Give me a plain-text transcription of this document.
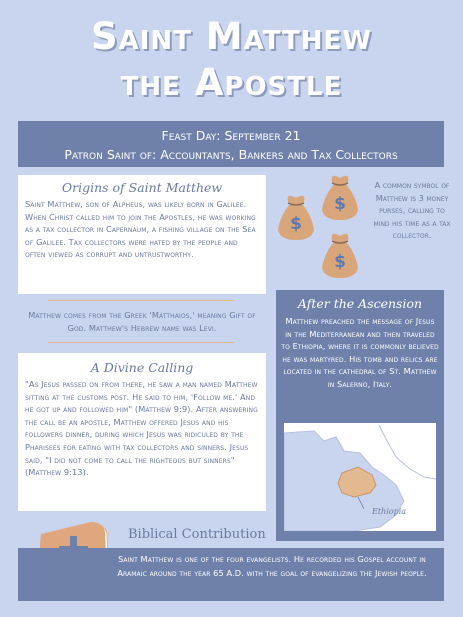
Saint Matthew
the Apostle
Feast Day: September 21
Patron Saint of: Accountants, Bankers and Tax Collectors
Origins of Saint Matthew
Saint Matthew, son of Alpheus, was likely born in Galilee. When Christ called him to join the Apostles, he was working as a tax collector in Capernaum, a fishing village on the Sea of Galilee. Tax collectors were hated by the people and often viewed as corrupt and untrustworthy.
Matthew comes from the Greek 'Matthaios,' meaning Gift of God. Matthew's Hebrew name was Levi.
A Divine Calling
"As Jesus passed on from there, he saw a man named Matthew sitting at the customs post. He said to him, 'Follow me.' And he got up and followed him" (Matthew 9:9). After answering the call be an apostle, Matthew offered Jesus and his followers dinner, during which Jesus was ridiculed by the Pharisees for eating with tax collectors and sinners. Jesus said, "I did not come to call the righteous but sinners" (Matthew 9:13).
$
$
$
A common symbol of Matthew is 3 money purses, calling to mind his time as a tax collector.
After the Ascension
Matthew preached the message of Jesus in the Mediterranean and then traveled to Ethiopia, where it is commonly believed he was martyred. His tomb and relics are located in the cathedral of St. Matthew in Salerno, Italy.
Ethiopia
Saint Matthew is one of the four evangelists. He recorded his Gospel account in Aramaic around the year 65 A.D. with the goal of evangelizing the Jewish people.
Biblical Contribution
